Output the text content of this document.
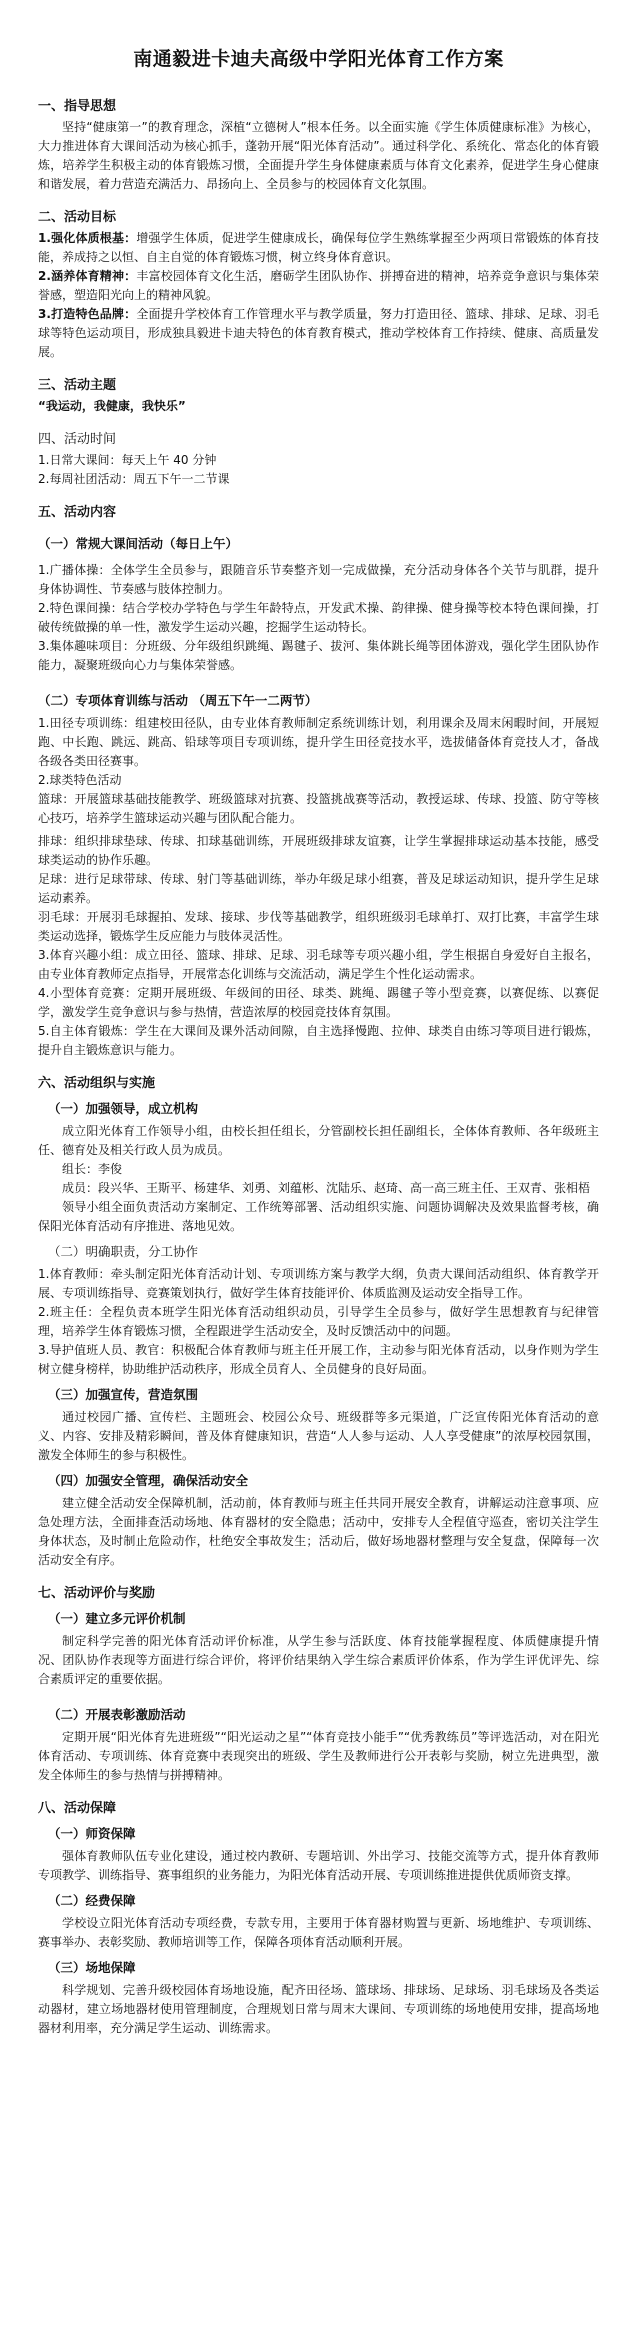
南通毅进卡迪夫高级中学阳光体育工作方案
一、指导思想

坚持“健康第一”的教育理念，深植“立德树人”根本任务。以全面实施《学生体质健康标准》为核心，大力推进体育大课间活动为核心抓手，蓬勃开展“阳光体育活动”。通过科学化、系统化、常态化的体育锻炼，培养学生积极主动的体育锻炼习惯，全面提升学生身体健康素质与体育文化素养，促进学生身心健康和谐发展，着力营造充满活力、昂扬向上、全员参与的校园体育文化氛围。

二、活动目标

1.强化体质根基：增强学生体质，促进学生健康成长，确保每位学生熟练掌握至少两项日常锻炼的体育技能，养成持之以恒、自主自觉的体育锻炼习惯，树立终身体育意识。

2.涵养体育精神：丰富校园体育文化生活，磨砺学生团队协作、拼搏奋进的精神，培养竞争意识与集体荣誉感，塑造阳光向上的精神风貌。

3.打造特色品牌：全面提升学校体育工作管理水平与教学质量，努力打造田径、篮球、排球、足球、羽毛球等特色运动项目，形成独具毅进卡迪夫特色的体育教育模式，推动学校体育工作持续、健康、高质量发展。

三、活动主题

“我运动，我健康，我快乐”

四、活动时间

1.日常大课间：每天上午 40 分钟

2.每周社团活动：周五下午一二节课

五、活动内容
（一）常规大课间活动（每日上午）

1.广播体操：全体学生全员参与，跟随音乐节奏整齐划一完成做操，充分活动身体各个关节与肌群，提升身体协调性、节奏感与肢体控制力。

2.特色课间操：结合学校办学特色与学生年龄特点，开发武术操、韵律操、健身操等校本特色课间操，打破传统做操的单一性，激发学生运动兴趣，挖掘学生运动特长。

3.集体趣味项目：分班级、分年级组织跳绳、踢毽子、拔河、集体跳长绳等团体游戏，强化学生团队协作能力，凝聚班级向心力与集体荣誉感。

（二）专项体育训练与活动 （周五下午一二两节）

1.田径专项训练：组建校田径队，由专业体育教师制定系统训练计划，利用课余及周末闲暇时间，开展短跑、中长跑、跳远、跳高、铅球等项目专项训练，提升学生田径竞技水平，选拔储备体育竞技人才，备战各级各类田径赛事。

2.球类特色活动

篮球：开展篮球基础技能教学、班级篮球对抗赛、投篮挑战赛等活动，教授运球、传球、投篮、防守等核心技巧，培养学生篮球运动兴趣与团队配合能力。

排球：组织排球垫球、传球、扣球基础训练，开展班级排球友谊赛，让学生掌握排球运动基本技能，感受球类运动的协作乐趣。

足球：进行足球带球、传球、射门等基础训练，举办年级足球小组赛，普及足球运动知识，提升学生足球运动素养。

羽毛球：开展羽毛球握拍、发球、接球、步伐等基础教学，组织班级羽毛球单打、双打比赛，丰富学生球类运动选择，锻炼学生反应能力与肢体灵活性。

3.体育兴趣小组：成立田径、篮球、排球、足球、羽毛球等专项兴趣小组，学生根据自身爱好自主报名，由专业体育教师定点指导，开展常态化训练与交流活动，满足学生个性化运动需求。

4.小型体育竞赛：定期开展班级、年级间的田径、球类、跳绳、踢毽子等小型竞赛，以赛促练、以赛促学，激发学生竞争意识与参与热情，营造浓厚的校园竞技体育氛围。

5.自主体育锻炼：学生在大课间及课外活动间隙，自主选择慢跑、拉伸、球类自由练习等项目进行锻炼，提升自主锻炼意识与能力。

六、活动组织与实施
（一）加强领导，成立机构

成立阳光体育工作领导小组，由校长担任组长，分管副校长担任副组长，全体体育教师、各年级班主任、德育处及相关行政人员为成员。

组长：李俊

成员：段兴华、王斯平、杨建华、刘勇、刘蕴彬、沈陆乐、赵琦、高一高三班主任、王双青、张相梧

领导小组全面负责活动方案制定、工作统筹部署、活动组织实施、问题协调解决及效果监督考核，确保阳光体育活动有序推进、落地见效。

（二）明确职责，分工协作

1.体育教师：牵头制定阳光体育活动计划、专项训练方案与教学大纲，负责大课间活动组织、体育教学开展、专项训练指导、竞赛策划执行，做好学生体育技能评价、体质监测及运动安全指导工作。

2.班主任：全程负责本班学生阳光体育活动组织动员，引导学生全员参与，做好学生思想教育与纪律管理，培养学生体育锻炼习惯，全程跟进学生活动安全，及时反馈活动中的问题。

3.导护值班人员、教官：积极配合体育教师与班主任开展工作，主动参与阳光体育活动，以身作则为学生树立健身榜样，协助维护活动秩序，形成全员育人、全员健身的良好局面。

（三）加强宣传，营造氛围

通过校园广播、宣传栏、主题班会、校园公众号、班级群等多元渠道，广泛宣传阳光体育活动的意义、内容、安排及精彩瞬间，普及体育健康知识，营造“人人参与运动、人人享受健康”的浓厚校园氛围，激发全体师生的参与积极性。

（四）加强安全管理，确保活动安全

建立健全活动安全保障机制，活动前，体育教师与班主任共同开展安全教育，讲解运动注意事项、应急处理方法，全面排查活动场地、体育器材的安全隐患；活动中，安排专人全程值守巡查，密切关注学生身体状态，及时制止危险动作，杜绝安全事故发生；活动后，做好场地器材整理与安全复盘，保障每一次活动安全有序。

七、活动评价与奖励
（一）建立多元评价机制

制定科学完善的阳光体育活动评价标准，从学生参与活跃度、体育技能掌握程度、体质健康提升情况、团队协作表现等方面进行综合评价，将评价结果纳入学生综合素质评价体系，作为学生评优评先、综合素质评定的重要依据。

（二）开展表彰激励活动

定期开展“阳光体育先进班级”“阳光运动之星”“体育竞技小能手”“优秀教练员”等评选活动，对在阳光体育活动、专项训练、体育竞赛中表现突出的班级、学生及教师进行公开表彰与奖励，树立先进典型，激发全体师生的参与热情与拼搏精神。

八、活动保障
（一）师资保障

强体育教师队伍专业化建设，通过校内教研、专题培训、外出学习、技能交流等方式，提升体育教师专项教学、训练指导、赛事组织的业务能力，为阳光体育活动开展、专项训练推进提供优质师资支撑。

（二）经费保障

学校设立阳光体育活动专项经费，专款专用，主要用于体育器材购置与更新、场地维护、专项训练、赛事举办、表彰奖励、教师培训等工作，保障各项体育活动顺利开展。

（三）场地保障

科学规划、完善升级校园体育场地设施，配齐田径场、篮球场、排球场、足球场、羽毛球场及各类运动器材，建立场地器材使用管理制度，合理规划日常与周末大课间、专项训练的场地使用安排，提高场地器材利用率，充分满足学生运动、训练需求。
